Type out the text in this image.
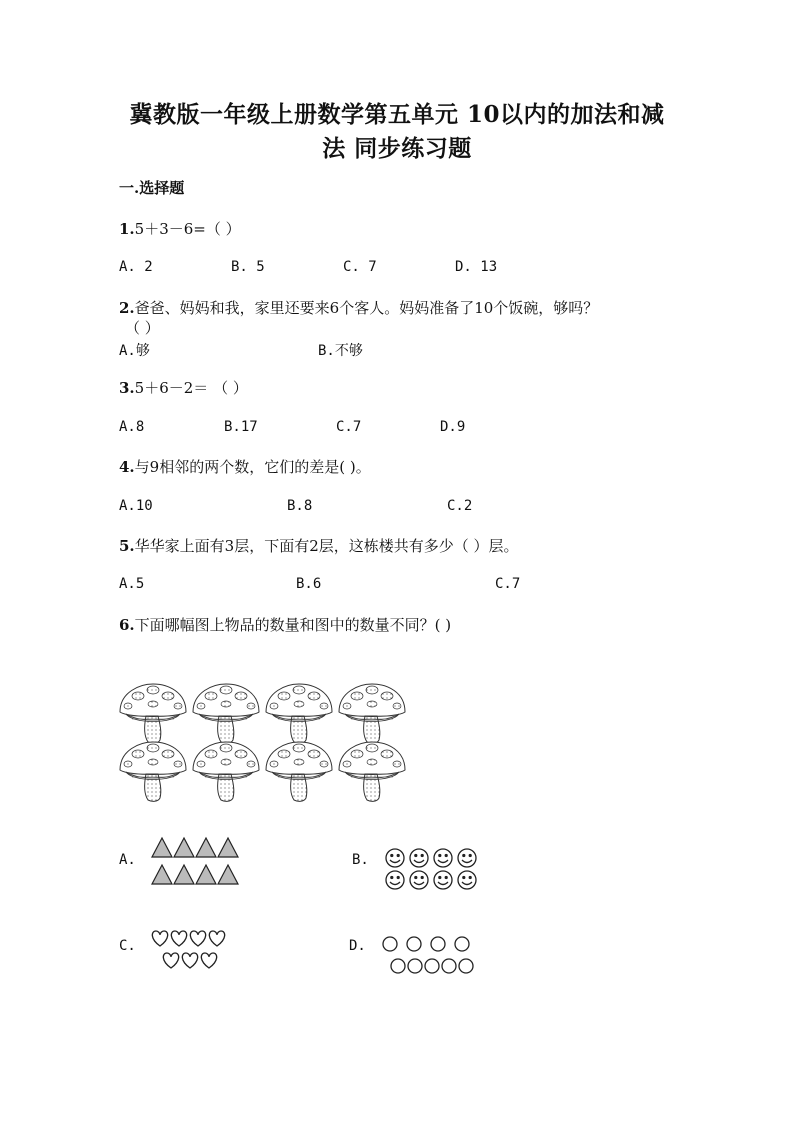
冀教版一年级上册数学第五单元 10以内的加法和减
法 同步练习题
一.选择题
1.5＋3－6=（ ）
A. 2	B. 5	C. 7	D. 13
2.爸爸、妈妈和我，家里还要来6个客人。妈妈准备了10个饭碗，够吗？
（ ）
A.够	B.不够
3.5＋6－2＝ （ ）
A.8	B.17	C.7	D.9
4.与9相邻的两个数，它们的差是( )。
A.10	B.8	C.2
5.华华家上面有3层，下面有2层，这栋楼共有多少（ ）层。
A.5	B.6	C.7
6.下面哪幅图上物品的数量和图中的数量不同？( )
A.	B.
C.	D.
